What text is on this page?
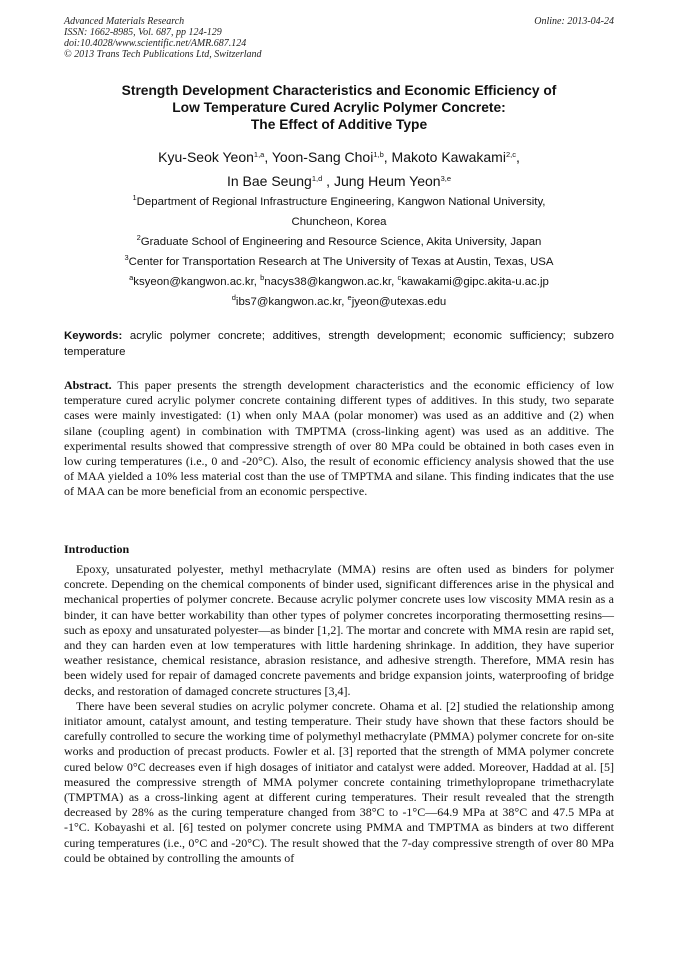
Advanced Materials Research
ISSN: 1662-8985, Vol. 687, pp 124-129
doi:10.4028/www.scientific.net/AMR.687.124
© 2013 Trans Tech Publications Ltd, Switzerland
Online: 2013-04-24
Strength Development Characteristics and Economic Efficiency of
Low Temperature Cured Acrylic Polymer Concrete:
The Effect of Additive Type
Kyu-Seok Yeon$^{1,a}$, Yoon-Sang Choi$^{1,b}$, Makoto Kawakami$^{2,c}$,
In Bae Seung$^{1,d}$ , Jung Heum Yeon$^{3,e}$
$^1$Department of Regional Infrastructure Engineering, Kangwon National University,
Chuncheon, Korea
$^2$Graduate School of Engineering and Resource Science, Akita University, Japan
$^3$Center for Transportation Research at The University of Texas at Austin, Texas, USA
$^a$ksyeon@kangwon.ac.kr, $^b$nacys38@kangwon.ac.kr, $^c$kawakami@gipc.akita-u.ac.jp
$^d$ibs7@kangwon.ac.kr, $^e$jyeon@utexas.edu
Keywords: acrylic polymer concrete; additives, strength development; economic sufficiency; subzero temperature
Abstract. This paper presents the strength development characteristics and the economic efficiency of low temperature cured acrylic polymer concrete containing different types of additives. In this study, two separate cases were mainly investigated: (1) when only MAA (polar monomer) was used as an additive and (2) when silane (coupling agent) in combination with TMPTMA (cross-linking agent) was used as an additive. The experimental results showed that compressive strength of over 80 MPa could be obtained in both cases even in low curing temperatures (i.e., 0 and -20°C). Also, the result of economic efficiency analysis showed that the use of MAA yielded a 10% less material cost than the use of TMPTMA and silane. This finding indicates that the use of MAA can be more beneficial from an economic perspective.
Introduction

Epoxy, unsaturated polyester, methyl methacrylate (MMA) resins are often used as binders for polymer concrete. Depending on the chemical components of binder used, significant differences arise in the physical and mechanical properties of polymer concrete. Because acrylic polymer concrete uses low viscosity MMA resin as a binder, it can have better workability than other types of polymer concretes incorporating thermosetting resins—such as epoxy and unsaturated polyester—as binder [1,2]. The mortar and concrete with MMA resin are rapid set, and they can harden even at low temperatures with little hardening shrinkage. In addition, they have superior weather resistance, chemical resistance, abrasion resistance, and adhesive strength. Therefore, MMA resin has been widely used for repair of damaged concrete pavements and bridge expansion joints, waterproofing of bridge decks, and restoration of damaged concrete structures [3,4].

There have been several studies on acrylic polymer concrete. Ohama et al. [2] studied the relationship among initiator amount, catalyst amount, and testing temperature. Their study have shown that these factors should be carefully controlled to secure the working time of polymethyl methacrylate (PMMA) polymer concrete for on-site works and production of precast products. Fowler et al. [3] reported that the strength of MMA polymer concrete cured below 0°C decreases even if high dosages of initiator and catalyst were added. Moreover, Haddad at al. [5] measured the compressive strength of MMA polymer concrete containing trimethylopropane trimethacrylate (TMPTMA) as a cross-linking agent at different curing temperatures. Their result revealed that the strength decreased by 28% as the curing temperature changed from 38°C to -1°C—64.9 MPa at 38°C and 47.5 MPa at -1°C. Kobayashi et al. [6] tested on polymer concrete using PMMA and TMPTMA as binders at two different curing temperatures (i.e., 0°C and -20°C). The result showed that the 7-day compressive strength of over 80 MPa could be obtained by controlling the amounts of
